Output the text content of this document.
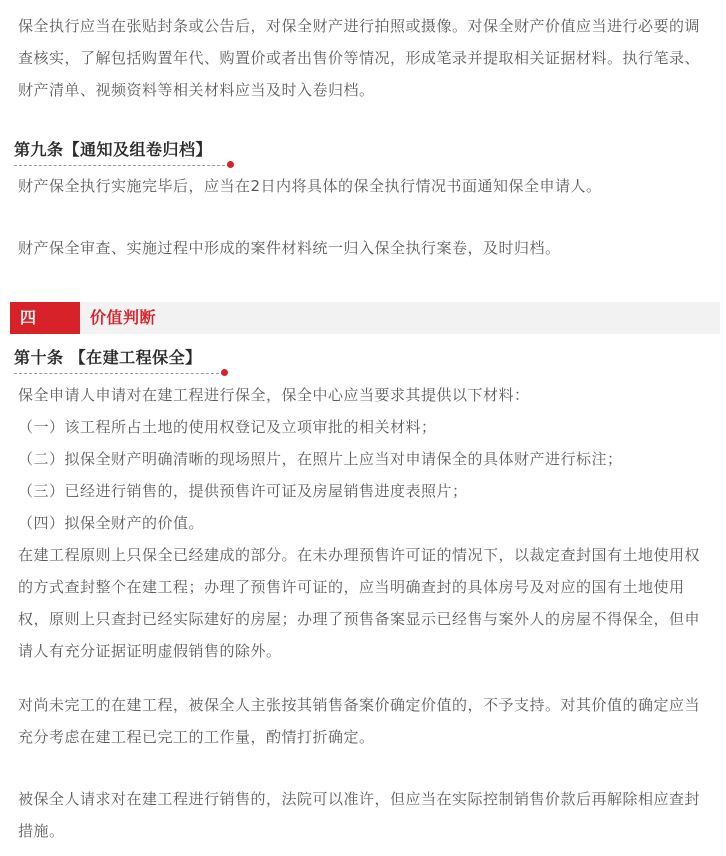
保全执行应当在张贴封条或公告后，对保全财产进行拍照或摄像。对保全财产价值应当进行必要的调查核实，了解包括购置年代、购置价或者出售价等情况，形成笔录并提取相关证据材料。执行笔录、财产清单、视频资料等相关材料应当及时入卷归档。

第九条【通知及组卷归档】

财产保全执行实施完毕后，应当在2日内将具体的保全执行情况书面通知保全申请人。

财产保全审查、实施过程中形成的案件材料统一归入保全执行案卷，及时归档。

四	价值判断
第十条 【在建工程保全】

保全申请人申请对在建工程进行保全，保全中心应当要求其提供以下材料：

（一）该工程所占土地的使用权登记及立项审批的相关材料；

（二）拟保全财产明确清晰的现场照片，在照片上应当对申请保全的具体财产进行标注；

（三）已经进行销售的，提供预售许可证及房屋销售进度表照片；

（四）拟保全财产的价值。

在建工程原则上只保全已经建成的部分。在未办理预售许可证的情况下，以裁定查封国有土地使用权的方式查封整个在建工程；办理了预售许可证的，应当明确查封的具体房号及对应的国有土地使用权，原则上只查封已经实际建好的房屋；办理了预售备案显示已经售与案外人的房屋不得保全，但申请人有充分证据证明虚假销售的除外。

对尚未完工的在建工程，被保全人主张按其销售备案价确定价值的，不予支持。对其价值的确定应当充分考虑在建工程已完工的工作量，酌情打折确定。

被保全人请求对在建工程进行销售的，法院可以准许，但应当在实际控制销售价款后再解除相应查封措施。
